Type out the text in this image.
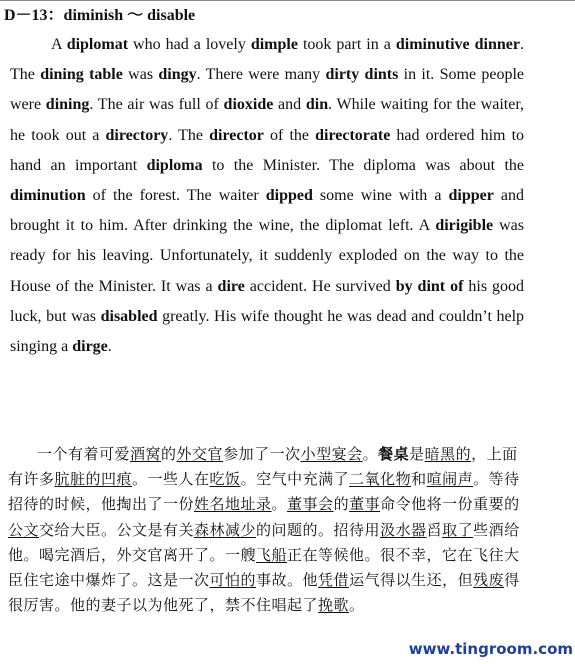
D－13：diminish ～ disable
A diplomat who had a lovely dimple took part in a diminutive dinner. The dining table was dingy. There were many dirty dints in it. Some people were dining. The air was full of dioxide and din. While waiting for the waiter, he took out a directory. The director of the directorate had ordered him to hand an important diploma to the Minister. The diploma was about the diminution of the forest. The waiter dipped some wine with a dipper and brought it to him. After drinking the wine, the diplomat left. A dirigible was ready for his leaving. Unfortunately, it suddenly exploded on the way to the House of the Minister. It was a dire accident. He survived by dint of his good luck, but was disabled greatly. His wife thought he was dead and couldn’t help singing a dirge.
一个有着可爱酒窝的外交官参加了一次小型宴会。餐桌是暗黑的，上面有许多肮脏的凹痕。一些人在吃饭。空气中充满了二氧化物和喧闹声。等待招待的时候，他掏出了一份姓名地址录。董事会的董事命令他将一份重要的公文交给大臣。公文是有关森林减少的问题的。招待用汲水器舀取了些酒给他。喝完酒后，外交官离开了。一艘飞船正在等候他。很不幸，它在飞往大臣住宅途中爆炸了。这是一次可怕的事故。他凭借运气得以生还，但残废得很厉害。他的妻子以为他死了，禁不住唱起了挽歌。
www.tingroom.com
